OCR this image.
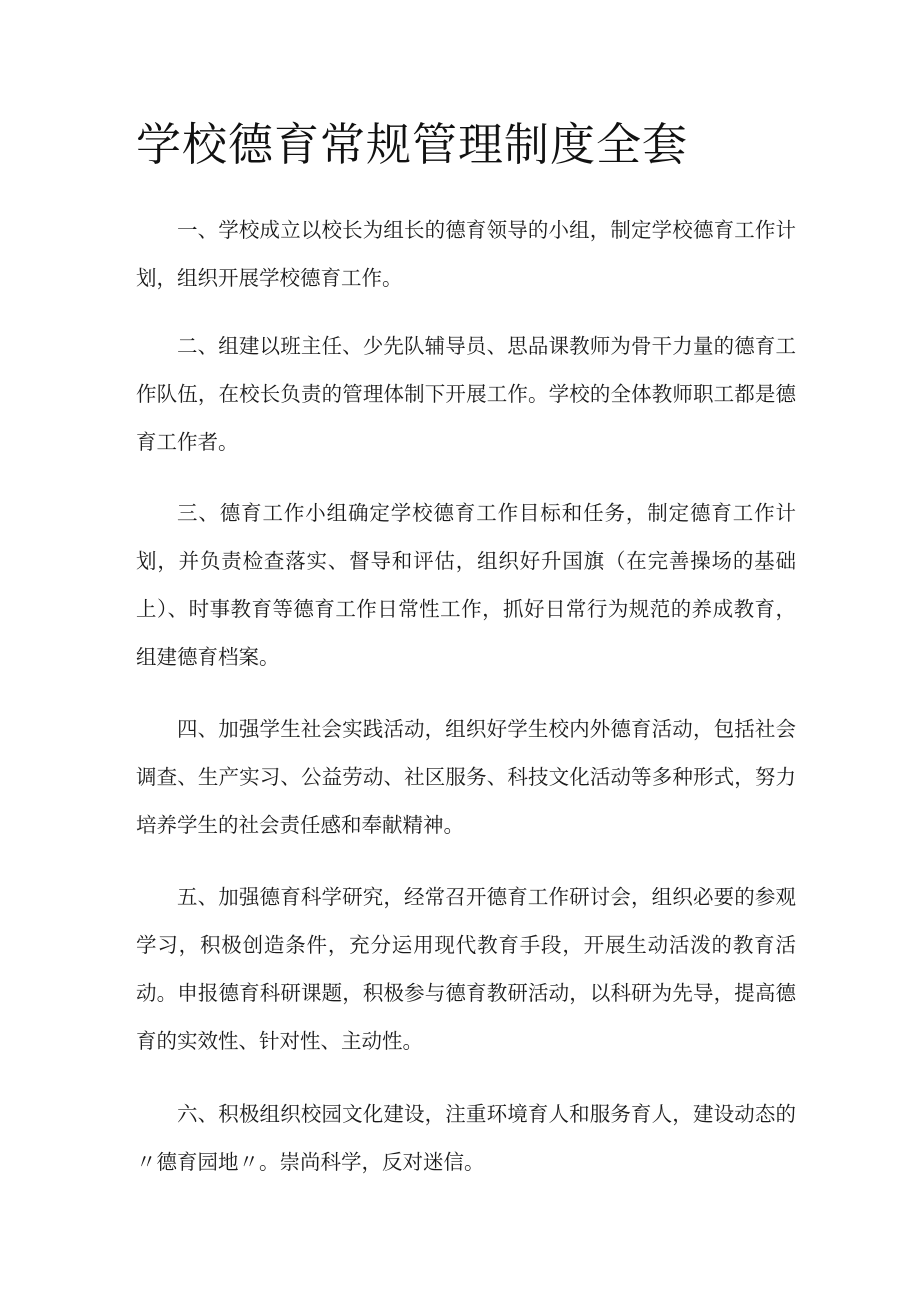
学校德育常规管理制度全套

一、学校成立以校长为组长的德育领导的小组，制定学校德育工作计划，组织开展学校德育工作。

二、组建以班主任、少先队辅导员、思品课教师为骨干力量的德育工作队伍，在校长负责的管理体制下开展工作。学校的全体教师职工都是德育工作者。

三、德育工作小组确定学校德育工作目标和任务，制定德育工作计划，并负责检查落实、督导和评估，组织好升国旗（在完善操场的基础上）、时事教育等德育工作日常性工作，抓好日常行为规范的养成教育，组建德育档案。

四、加强学生社会实践活动，组织好学生校内外德育活动，包括社会调查、生产实习、公益劳动、社区服务、科技文化活动等多种形式，努力培养学生的社会责任感和奉献精神。

五、加强德育科学研究，经常召开德育工作研讨会，组织必要的参观学习，积极创造条件，充分运用现代教育手段，开展生动活泼的教育活动。申报德育科研课题，积极参与德育教研活动，以科研为先导，提高德育的实效性、针对性、主动性。

六、积极组织校园文化建设，注重环境育人和服务育人，建设动态的〃德育园地〃。崇尚科学，反对迷信。
